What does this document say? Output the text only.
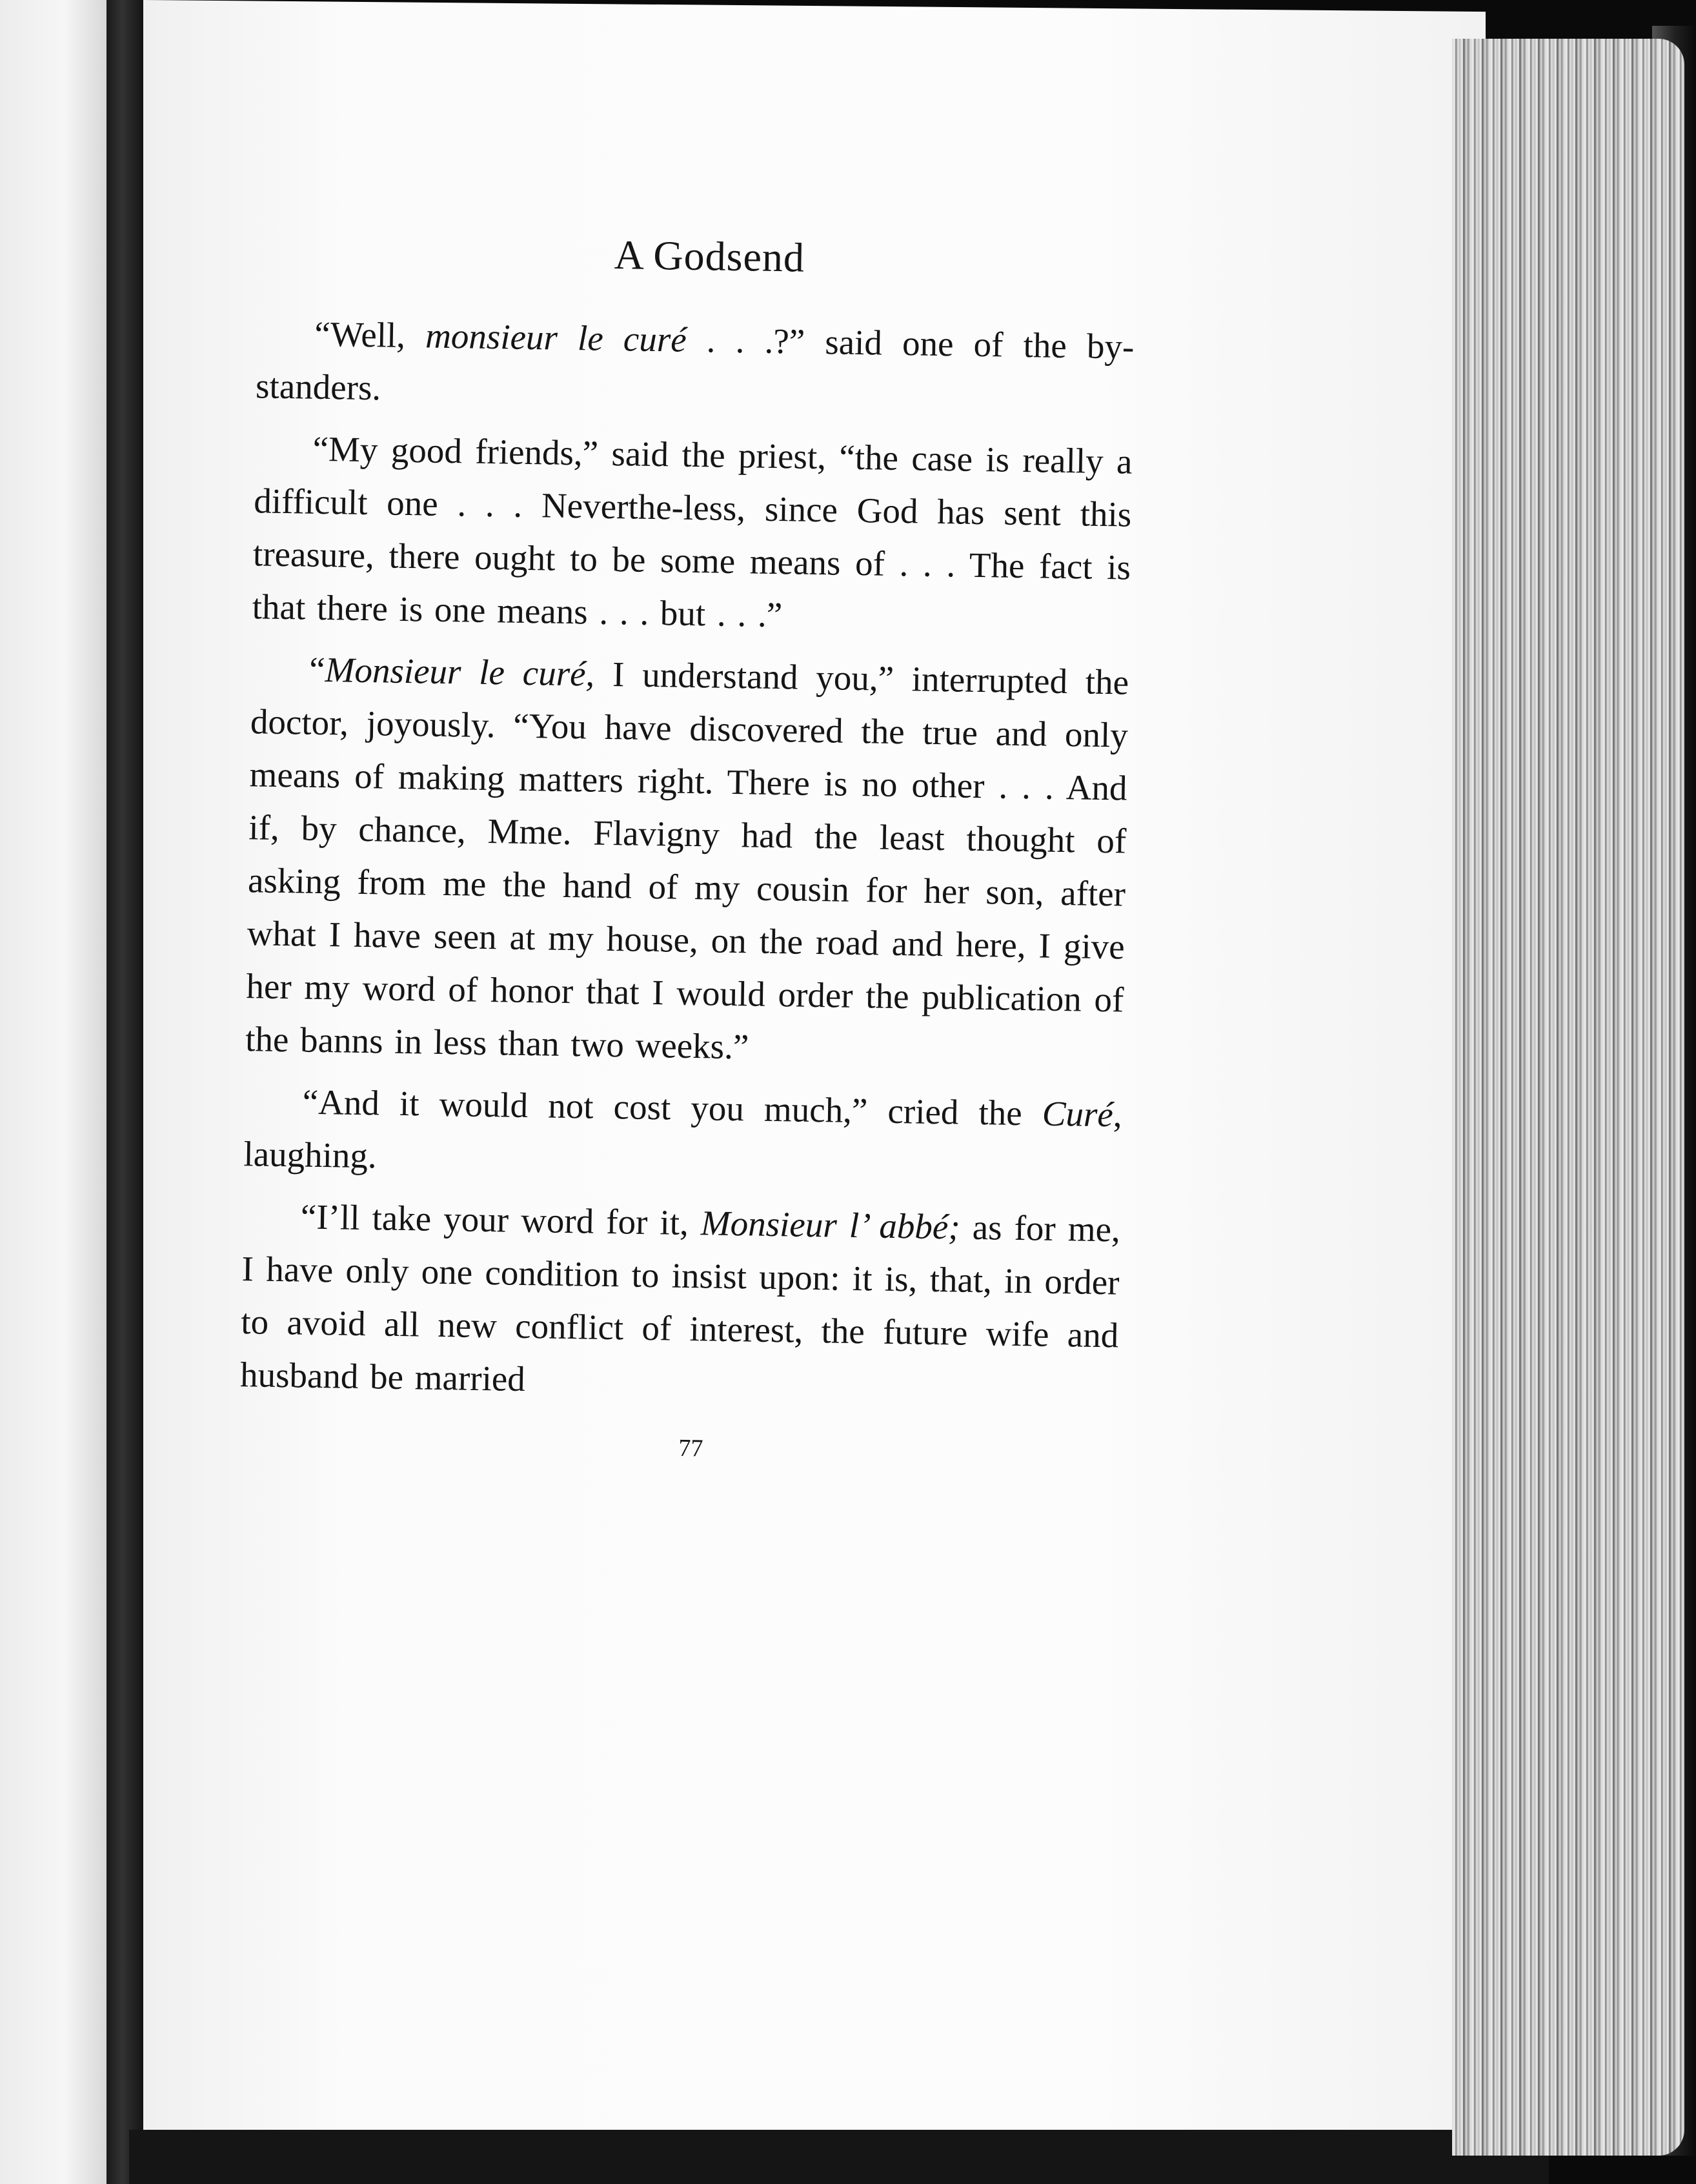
A Godsend

“Well, monsieur le curé . . .?” said one of the by-standers.

“My good friends,” said the priest, “the case is really a difficult one . . . Neverthe-less, since God has sent this treasure, there ought to be some means of . . . The fact is that there is one means . . . but . . .”

“Monsieur le curé, I understand you,” interrupted the doctor, joyously. “You have discovered the true and only means of making matters right. There is no other . . . And if, by chance, Mme. Flavigny had the least thought of asking from me the hand of my cousin for her son, after what I have seen at my house, on the road and here, I give her my word of honor that I would order the publication of the banns in less than two weeks.”

“And it would not cost you much,” cried the Curé, laughing.

“I’ll take your word for it, Monsieur l’ abbé; as for me, I have only one condition to insist upon: it is, that, in order to avoid all new conflict of interest, the future wife and husband be married

77
